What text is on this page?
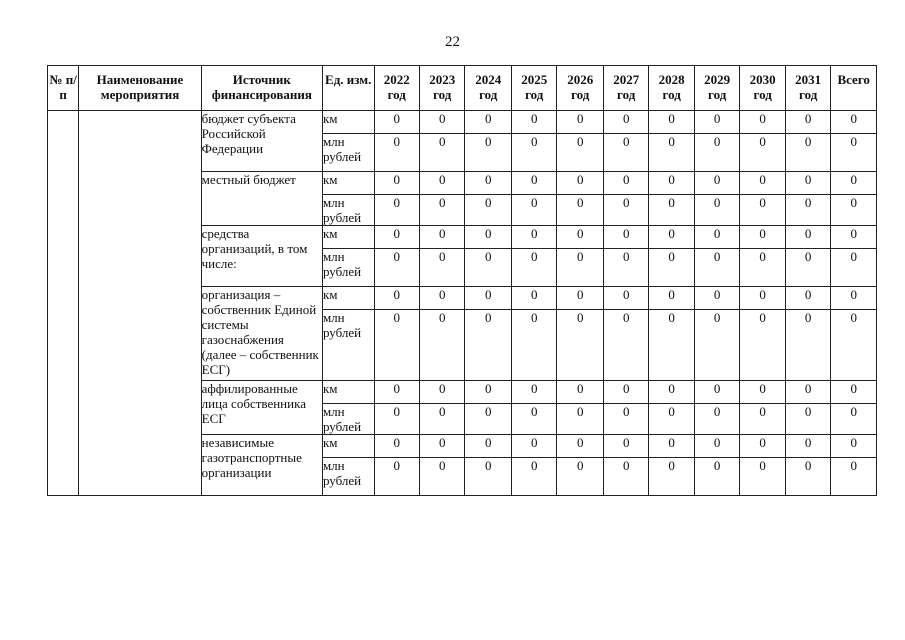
22
№ п/п	Наименование мероприятия	Источник финансирования	Ед. изм.	2022 год	2023 год	2024 год	2025 год	2026 год	2027 год	2028 год	2029 год	2030 год	2031 год	Всего
		бюджет субъекта Российской Федерации	км	0	0	0	0	0	0	0	0	0	0	0
			млн рублей	0	0	0	0	0	0	0	0	0	0	0
		местный бюджет	км	0	0	0	0	0	0	0	0	0	0	0
			млн рублей	0	0	0	0	0	0	0	0	0	0	0
		средства организаций, в том числе:	км	0	0	0	0	0	0	0	0	0	0	0
			млн рублей	0	0	0	0	0	0	0	0	0	0	0
		организация – собственник Единой системы газоснабжения (далее – собственник ЕСГ)	км	0	0	0	0	0	0	0	0	0	0	0
			млн рублей	0	0	0	0	0	0	0	0	0	0	0
		аффилированные лица собственника ЕСГ	км	0	0	0	0	0	0	0	0	0	0	0
			млн рублей	0	0	0	0	0	0	0	0	0	0	0
		независимые газотранспортные организации	км	0	0	0	0	0	0	0	0	0	0	0
			млн рублей	0	0	0	0	0	0	0	0	0	0	0
